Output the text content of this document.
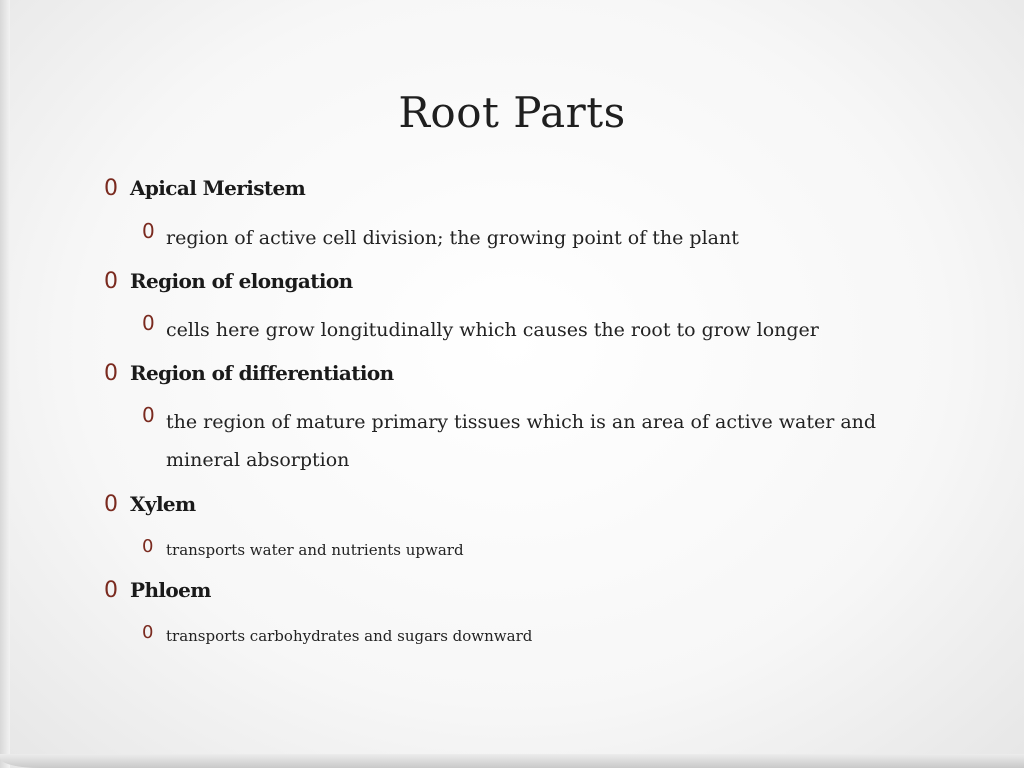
Root Parts
0 Apical Meristem
0 region of active cell division; the growing point of the plant
0 Region of elongation
0 cells here grow longitudinally which causes the root to grow longer
0 Region of differentiation
0 the region of mature primary tissues which is an area of active water and mineral absorption
0 Xylem
0 transports water and nutrients upward
0 Phloem
0 transports carbohydrates and sugars downward
